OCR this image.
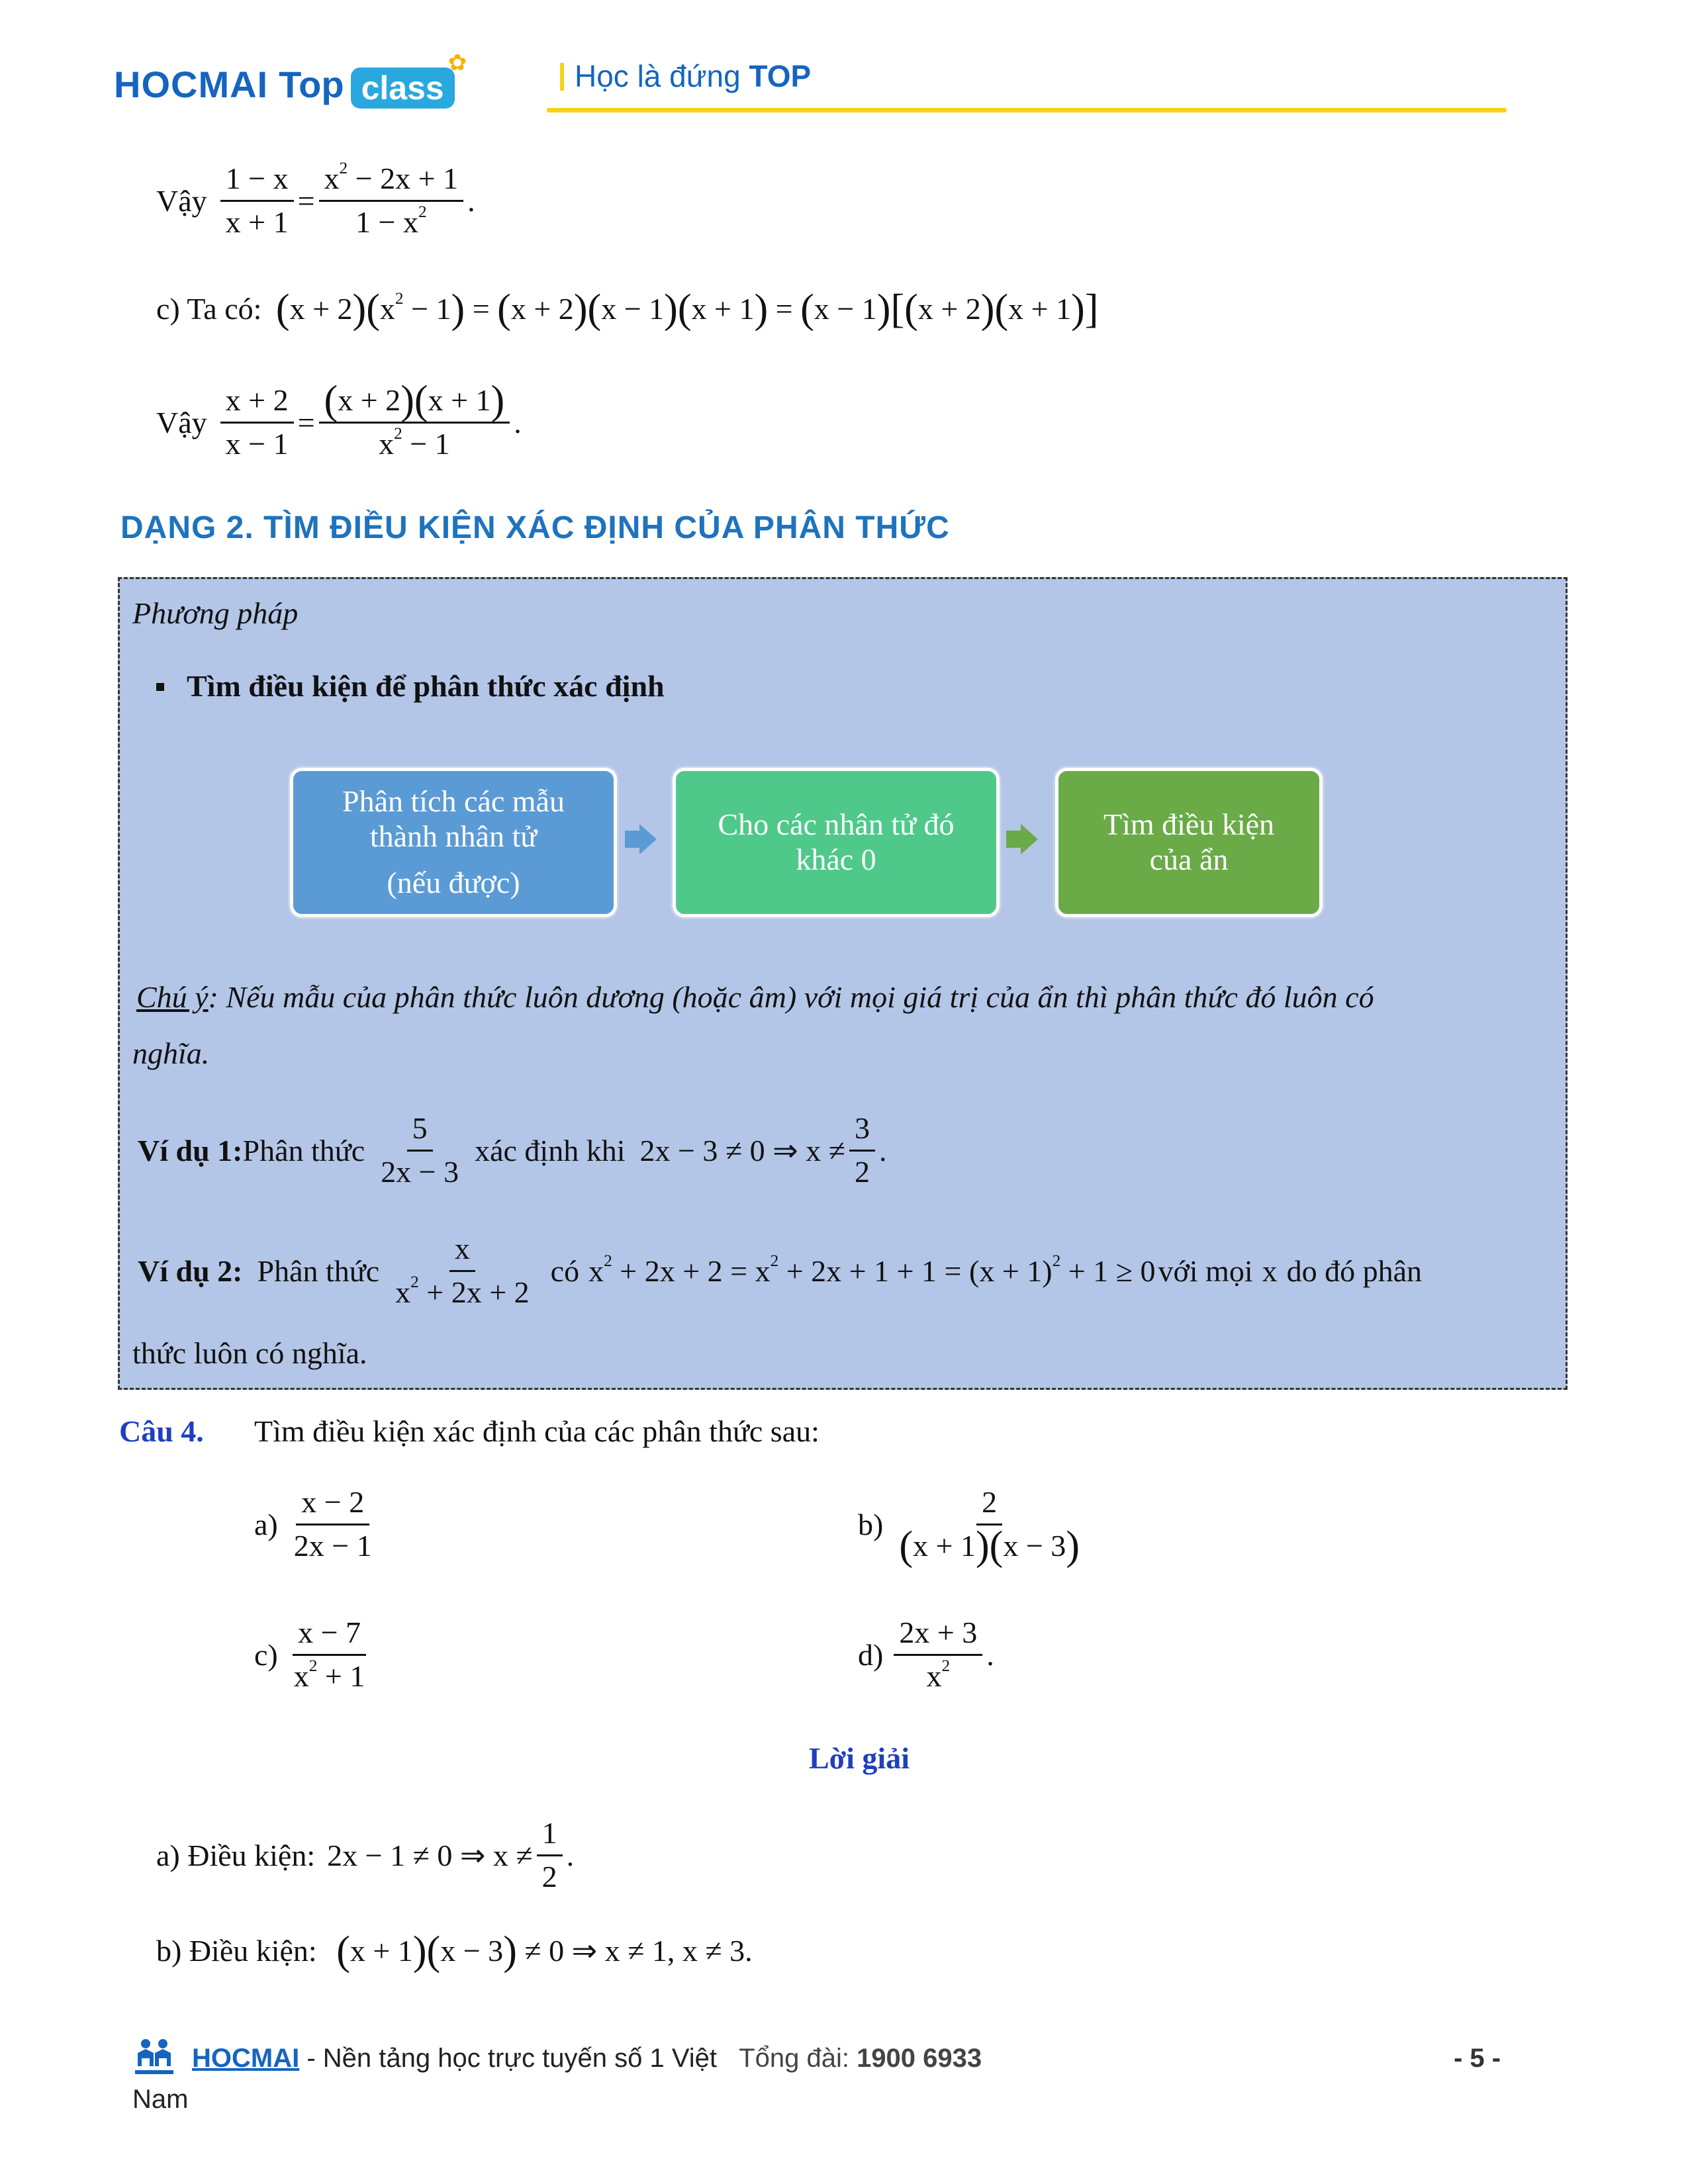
HOCMAI Top class
✿	Học là đứng TOP
Vậy $\frac{1 - x}{x + 1} = \frac{x^2 - 2x + 1}{1 - x^2}$ .
c) Ta có: $(x + 2)(x^2 - 1) = (x + 2)(x - 1)(x + 1) = (x - 1)[(x + 2)(x + 1)]$
Vậy $\frac{x + 2}{x - 1} = \frac{(x + 2)(x + 1)}{x^2 - 1}$ .
DẠNG 2. TÌM ĐIỀU KIỆN XÁC ĐỊNH CỦA PHÂN THỨC
Phương pháp
Tìm điều kiện để phân thức xác định
Phân tích các mẫu
thành nhân tử
(nếu được)
Cho các nhân tử đó
khác 0
Tìm điều kiện
của ẩn
Chú ý: Nếu mẫu của phân thức luôn dương (hoặc âm) với mọi giá trị của ẩn thì phân thức đó luôn có
nghĩa.
Ví dụ 1: Phân thức $\frac{5}{2x - 3}$ xác định khi 2x − 3 ≠ 0 ⇒ $x \ne \frac{3}{2}$ .
Ví dụ 2: Phân thức $\frac{x}{x^2 + 2x + 2}$ có $x^2 + 2x + 2 = x^2 + 2x + 1 + 1 = (x + 1)^2 + 1 \ge 0$ với mọi x do đó phân
thức luôn có nghĩa.
Câu 4. Tìm điều kiện xác định của các phân thức sau:
$a) \frac{x - 2}{2x - 1}$	$b) \frac{2}{(x + 1)(x - 3)}$
$c) \frac{x - 7}{x^2 + 1}$	$d) \frac{2x + 3}{x^2}$ .
Lời giải
a) Điều kiện: 2x − 1 ≠ 0 ⇒ $x \ne \frac{1}{2}$ .
b) Điều kiện: (x + 1)(x − 3) ≠ 0 ⇒ x ≠ 1, x ≠ 3.
HOCMAI - Nền tảng học trực tuyến số 1 Việt Tổng đài: 1900 6933
Nam
- 5 -
